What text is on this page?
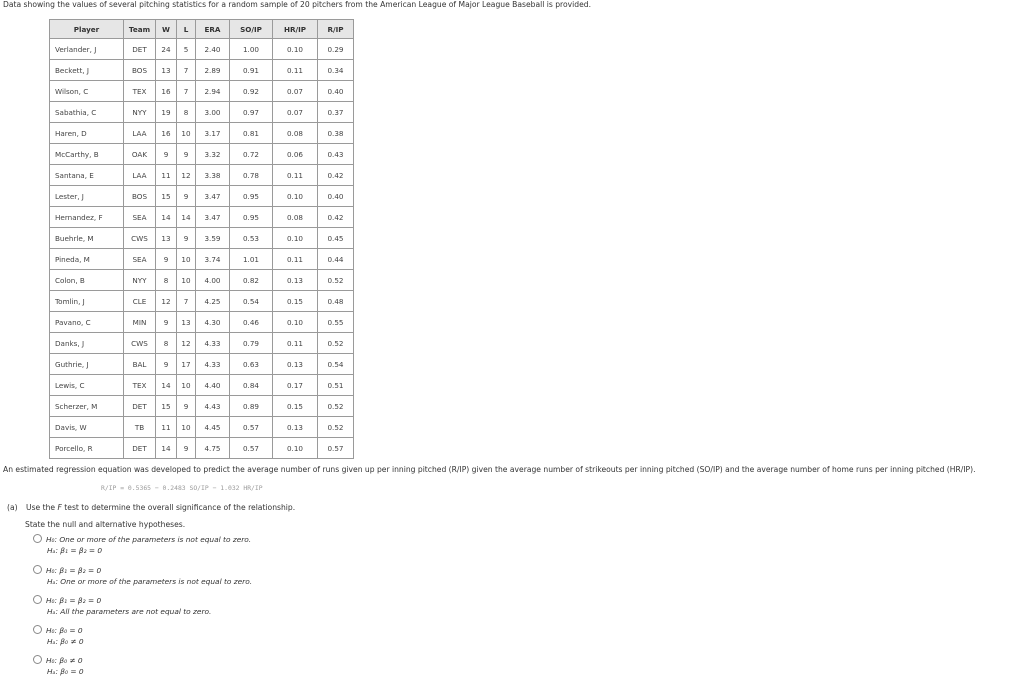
Data showing the values of several pitching statistics for a random sample of 20 pitchers from the American League of Major League Baseball is provided.
Player	Team	W	L	ERA	SO/IP	HR/IP	R/IP
Verlander, J	DET	24	5	2.40	1.00	0.10	0.29
Beckett, J	BOS	13	7	2.89	0.91	0.11	0.34
Wilson, C	TEX	16	7	2.94	0.92	0.07	0.40
Sabathia, C	NYY	19	8	3.00	0.97	0.07	0.37
Haren, D	LAA	16	10	3.17	0.81	0.08	0.38
McCarthy, B	OAK	9	9	3.32	0.72	0.06	0.43
Santana, E	LAA	11	12	3.38	0.78	0.11	0.42
Lester, J	BOS	15	9	3.47	0.95	0.10	0.40
Hernandez, F	SEA	14	14	3.47	0.95	0.08	0.42
Buehrle, M	CWS	13	9	3.59	0.53	0.10	0.45
Pineda, M	SEA	9	10	3.74	1.01	0.11	0.44
Colon, B	NYY	8	10	4.00	0.82	0.13	0.52
Tomlin, J	CLE	12	7	4.25	0.54	0.15	0.48
Pavano, C	MIN	9	13	4.30	0.46	0.10	0.55
Danks, J	CWS	8	12	4.33	0.79	0.11	0.52
Guthrie, J	BAL	9	17	4.33	0.63	0.13	0.54
Lewis, C	TEX	14	10	4.40	0.84	0.17	0.51
Scherzer, M	DET	15	9	4.43	0.89	0.15	0.52
Davis, W	TB	11	10	4.45	0.57	0.13	0.52
Porcello, R	DET	14	9	4.75	0.57	0.10	0.57
An estimated regression equation was developed to predict the average number of runs given up per inning pitched (R/IP) given the average number of strikeouts per inning pitched (SO/IP) and the average number of home runs per inning pitched (HR/IP).
R/IP = 0.5365 − 0.2483 SO/IP − 1.032 HR/IP
(a) Use the F test to determine the overall significance of the relationship.
State the null and alternative hypotheses.
H₀: One or more of the parameters is not equal to zero.
Hₐ: β₁ = β₂ = 0
H₀: β₁ = β₂ = 0
Hₐ: One or more of the parameters is not equal to zero.
H₀: β₁ = β₂ = 0
Hₐ: All the parameters are not equal to zero.
H₀: β₀ = 0
Hₐ: β₀ ≠ 0
H₀: β₀ ≠ 0
Hₐ: β₀ = 0
